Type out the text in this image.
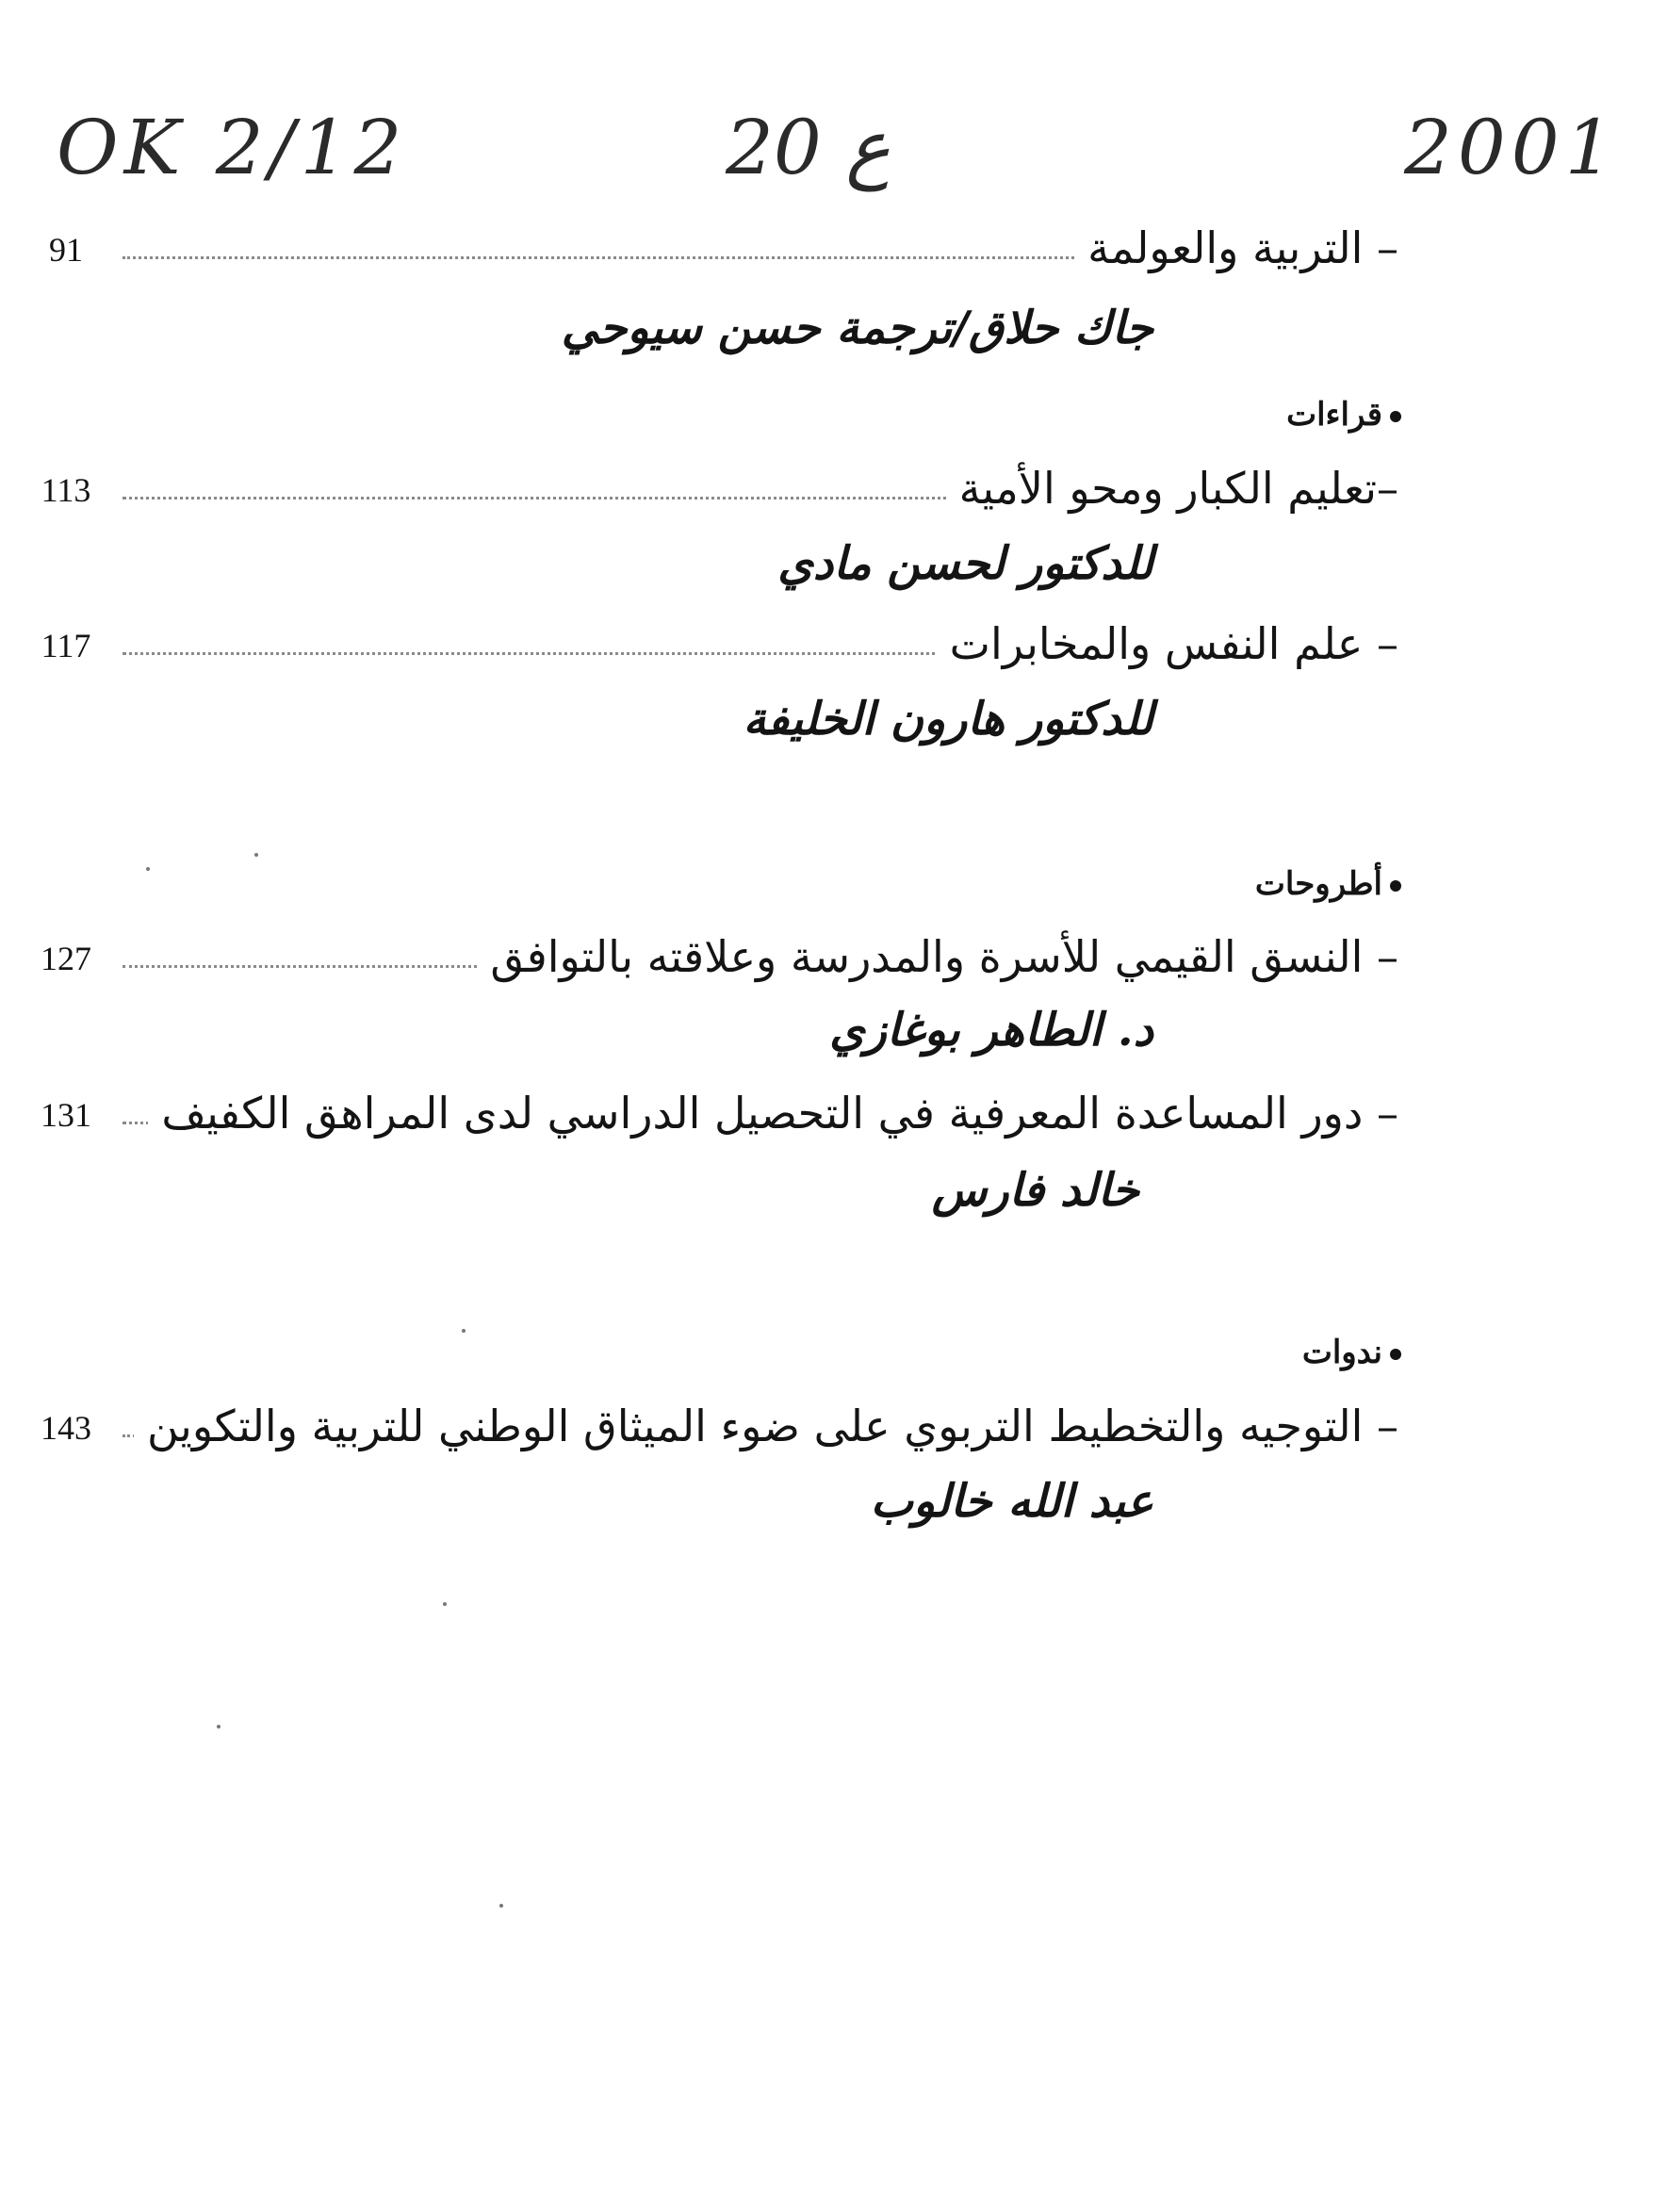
OK 2/12	20 ع	2001
91	– التربية والعولمة
جاك حلاق/ترجمة حسن سيوحي
قراءات
113	–تعليم الكبار ومحو الأمية
للدكتور لحسن مادي
117	– علم النفس والمخابرات
للدكتور هارون الخليفة
أطروحات
127	– النسق القيمي للأسرة والمدرسة وعلاقته بالتوافق
د. الطاهر بوغازي
131	– دور المساعدة المعرفية في التحصيل الدراسي لدى المراهق الكفيف
خالد فارس
ندوات
143	– التوجيه والتخطيط التربوي على ضوء الميثاق الوطني للتربية والتكوين
عبد الله خالوب
